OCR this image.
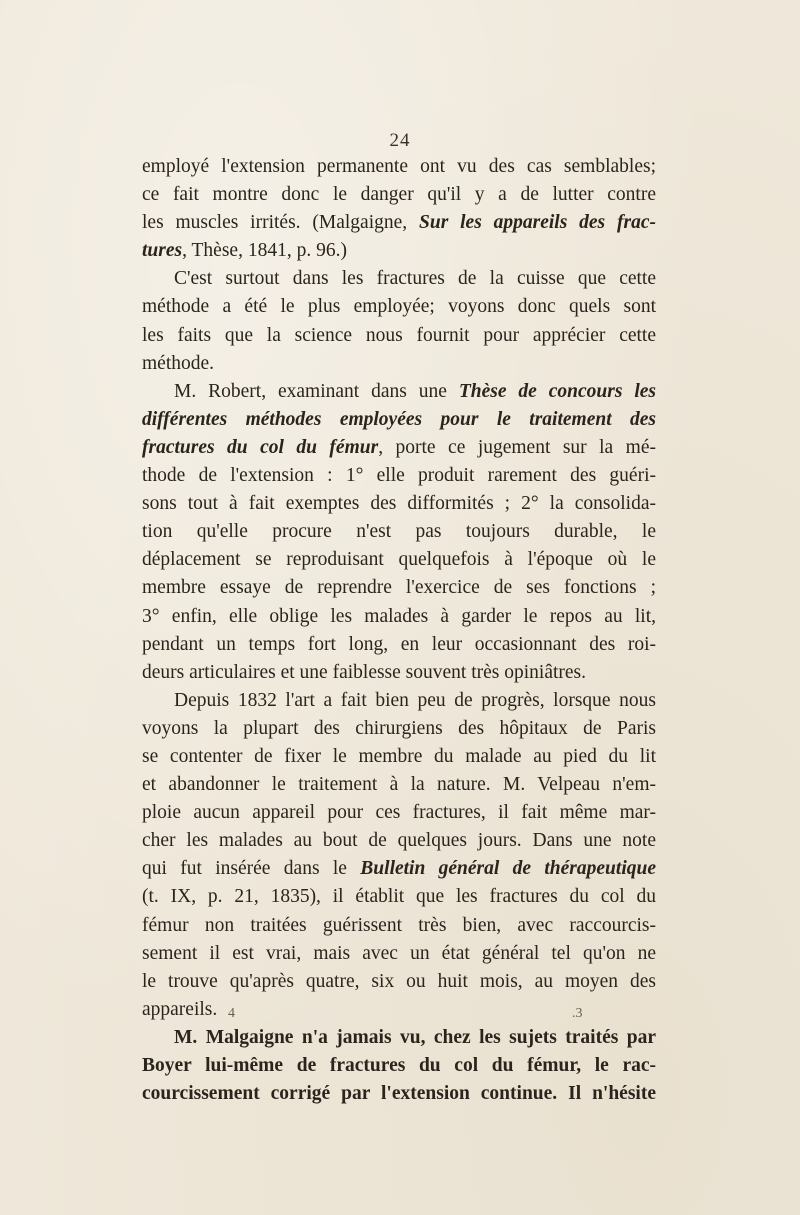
24
employé l'extension permanente ont vu des cas semblables;
ce fait montre donc le danger qu'il y a de lutter contre
les muscles irrités. (Malgaigne, Sur les appareils des frac-
tures, Thèse, 1841, p. 96.)
C'est surtout dans les fractures de la cuisse que cette
méthode a été le plus employée; voyons donc quels sont
les faits que la science nous fournit pour apprécier cette
méthode.
M. Robert, examinant dans une Thèse de concours les
différentes méthodes employées pour le traitement des
fractures du col du fémur, porte ce jugement sur la mé-
thode de l'extension : 1° elle produit rarement des guéri-
sons tout à fait exemptes des difformités ; 2° la consolida-
tion qu'elle procure n'est pas toujours durable, le
déplacement se reproduisant quelquefois à l'époque où le
membre essaye de reprendre l'exercice de ses fonctions ;
3° enfin, elle oblige les malades à garder le repos au lit,
pendant un temps fort long, en leur occasionnant des roi-
deurs articulaires et une faiblesse souvent très opiniâtres.
Depuis 1832 l'art a fait bien peu de progrès, lorsque nous
voyons la plupart des chirurgiens des hôpitaux de Paris
se contenter de fixer le membre du malade au pied du lit
et abandonner le traitement à la nature. M. Velpeau n'em-
ploie aucun appareil pour ces fractures, il fait même mar-
cher les malades au bout de quelques jours. Dans une note
qui fut insérée dans le Bulletin général de thérapeutique
(t. IX, p. 21, 1835), il établit que les fractures du col du
fémur non traitées guérissent très bien, avec raccourcis-
sement il est vrai, mais avec un état général tel qu'on ne
le trouve qu'après quatre, six ou huit mois, au moyen des
appareils.
M. Malgaigne n'a jamais vu, chez les sujets traités par
Boyer lui-même de fractures du col du fémur, le rac-
courcissement corrigé par l'extension continue. Il n'hésite
4	.3
